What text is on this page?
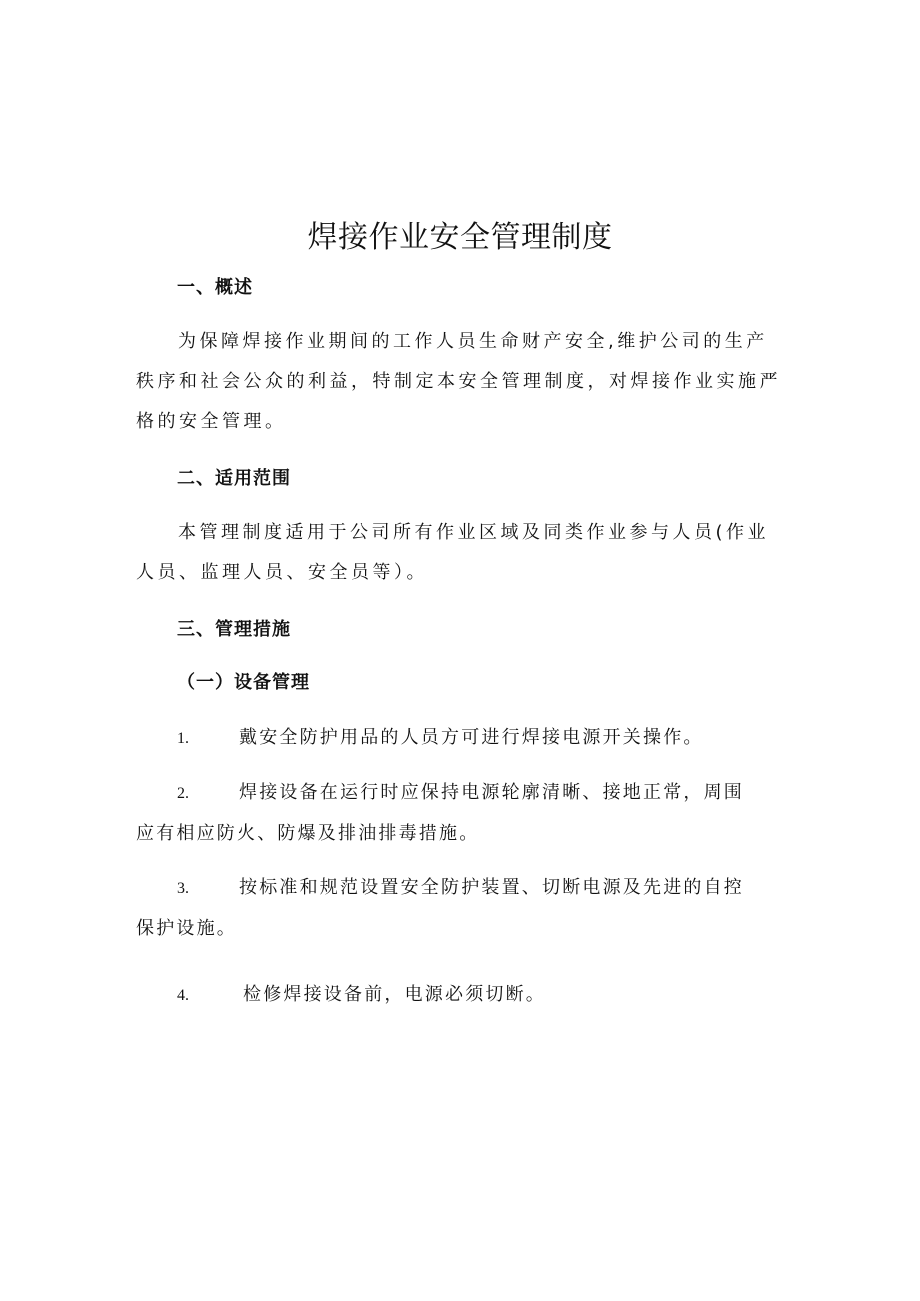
焊接作业安全管理制度
一、概述

为保障焊接作业期间的工作人员生命财产安全,维护公司的生产秩序和社会公众的利益，特制定本安全管理制度，对焊接作业实施严格的安全管理。

二、适用范围

本管理制度适用于公司所有作业区域及同类作业参与人员(作业人员、监理人员、安全员等）。

三、管理措施
（一）设备管理
1.	戴安全防护用品的人员方可进行焊接电源开关操作。
2.	焊接设备在运行时应保持电源轮廓清晰、接地正常，周围
应有相应防火、防爆及排油排毒措施。
3.	按标准和规范设置安全防护装置、切断电源及先进的自控
保护设施。
4.	检修焊接设备前，电源必须切断。
